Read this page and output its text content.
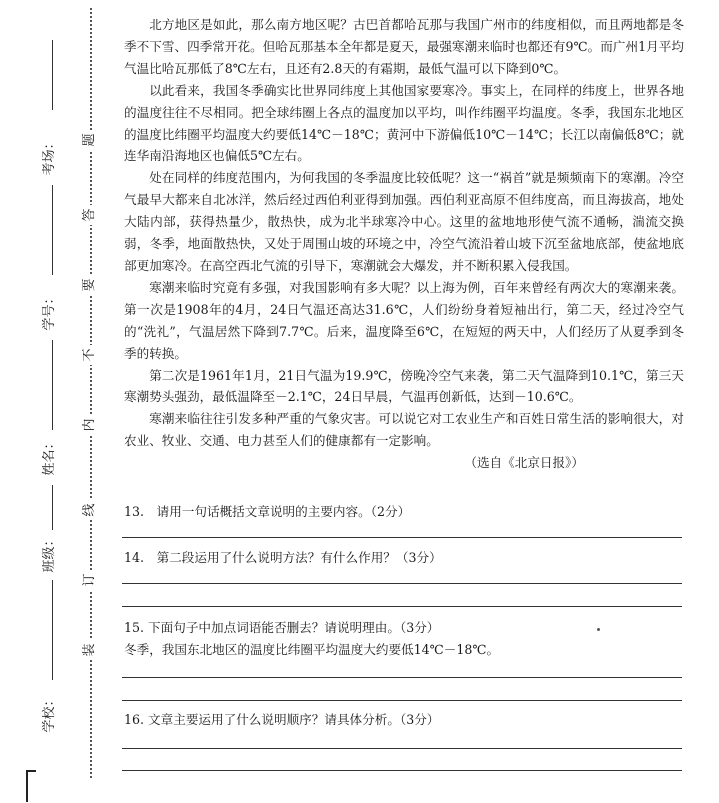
题
答
要
不
内
线
订
装
考场：
学号：
姓名：
班级：
学校：

北方地区是如此，那么南方地区呢？古巴首都哈瓦那与我国广州市的纬度相似，而且两地都是冬季不下雪、四季常开花。但哈瓦那基本全年都是夏天，最强寒潮来临时也都还有9℃。而广州1月平均气温比哈瓦那低了8℃左右，且还有2.8天的有霜期，最低气温可以下降到0℃。

以此看来，我国冬季确实比世界同纬度上其他国家要寒冷。事实上，在同样的纬度上，世界各地的温度往往不尽相同。把全球纬圈上各点的温度加以平均，叫作纬圈平均温度。冬季，我国东北地区的温度比纬圈平均温度大约要低14℃－18℃；黄河中下游偏低10℃－14℃；长江以南偏低8℃；就连华南沿海地区也偏低5℃左右。

处在同样的纬度范围内，为何我国的冬季温度比较低呢？这一“祸首”就是频频南下的寒潮。冷空气最早大都来自北冰洋，然后经过西伯利亚得到加强。西伯利亚高原不但纬度高，而且海拔高，地处大陆内部，获得热量少，散热快，成为北半球寒冷中心。这里的盆地地形使气流不通畅，湍流交换弱，冬季，地面散热快，又处于周围山坡的环境之中，冷空气流沿着山坡下沉至盆地底部，使盆地底部更加寒冷。在高空西北气流的引导下，寒潮就会大爆发，并不断积累入侵我国。

寒潮来临时究竟有多强，对我国影响有多大呢？以上海为例，百年来曾经有两次大的寒潮来袭。第一次是1908年的4月，24日气温还高达31.6℃，人们纷纷身着短袖出行，第二天，经过冷空气的“洗礼”，气温居然下降到7.7℃。后来，温度降至6℃，在短短的两天中，人们经历了从夏季到冬季的转换。

第二次是1961年1月，21日气温为19.9℃，傍晚冷空气来袭，第二天气温降到10.1℃，第三天寒潮势头强劲，最低温降至－2.1℃，24日早晨，气温再创新低，达到－10.6℃。

寒潮来临往往引发多种严重的气象灾害。可以说它对工农业生产和百姓日常生活的影响很大，对农业、牧业、交通、电力甚至人们的健康都有一定影响。

（选自《北京日报》）

13.　请用一句话概括文章说明的主要内容。（2分）
14.　第二段运用了什么说明方法？有什么作用？（3分）
15. 下面句子中加点词语能否删去？请说明理由。（3分）
冬季，我国东北地区的温度比纬圈平均温度大约要低14℃－18℃。
16. 文章主要运用了什么说明顺序？请具体分析。（3分）
